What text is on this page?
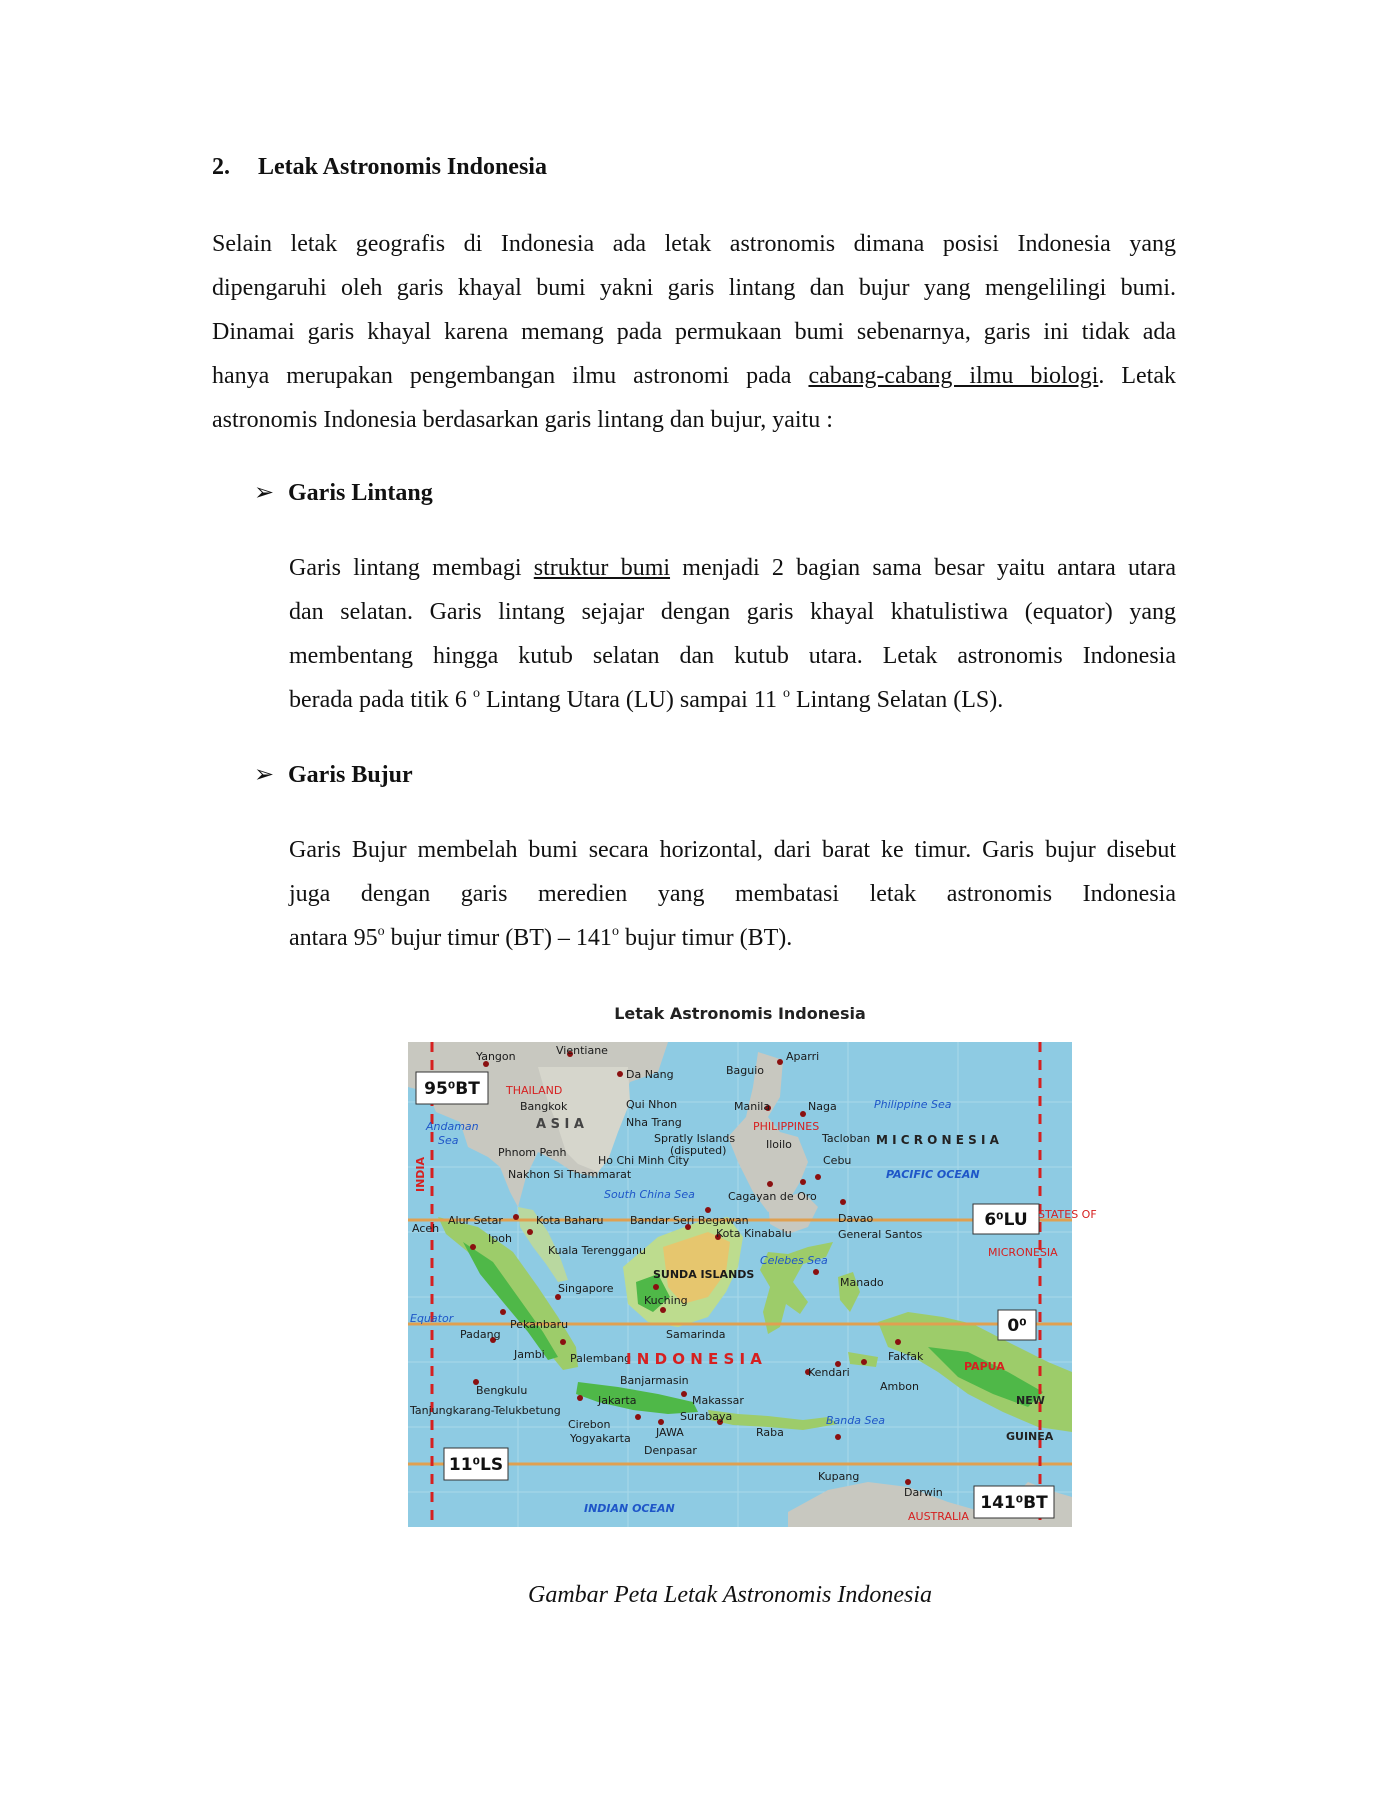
2. Letak Astronomis Indonesia
Selain letak geografis di Indonesia ada letak astronomis dimana posisi Indonesia yang
dipengaruhi oleh garis khayal bumi yakni garis lintang dan bujur yang mengelilingi bumi.
Dinamai garis khayal karena memang pada permukaan bumi sebenarnya, garis ini tidak ada
hanya merupakan pengembangan ilmu astronomi pada cabang-cabang ilmu biologi. Letak
astronomis Indonesia berdasarkan garis lintang dan bujur, yaitu :
➢ Garis Lintang
Garis lintang membagi struktur bumi menjadi 2 bagian sama besar yaitu antara utara
dan selatan. Garis lintang sejajar dengan garis khayal khatulistiwa (equator) yang
membentang hingga kutub selatan dan kutub utara. Letak astronomis Indonesia
berada pada titik 6 $^o$ Lintang Utara (LU) sampai 11 $^o$ Lintang Selatan (LS).
➢ Garis Bujur
Garis Bujur membelah bumi secara horizontal, dari barat ke timur. Garis bujur disebut
juga dengan garis meredien yang membatasi letak astronomis Indonesia
antara 95$^o$ bujur timur (BT) – 141$^o$ bujur timur (BT).
Letak Astronomis Indonesia
95⁰BT
6⁰LU
0⁰
11⁰LS
141⁰BT
Yangon	Vientiane
Da Nang	Baguio
Aparri
THAILAND
Bangkok
A S I A
Qui Nhon
Nha Trang
Manila	Naga	Philippine Sea
Andaman
Sea
INDIA
PHILIPPINES
Spratly Islands
(disputed)
Phnom Penh
Ho Chi Minh City
Iloilo	Tacloban M I C R O N E S I A
Cebu
PACIFIC OCEAN
Nakhon Si Thammarat
South China Sea	Cagayan de Oro
Aceh
Alur Setar	Kota Baharu Bandar Seri Begawan
Kota Kinabalu
Davao
General Santos
STATES OF
MICRONESIA
Ipoh
Kuala Terengganu
Celebes Sea
SUNDA ISLANDS
Singapore
Kuching
Manado
Equator	Pekanbaru
Padang	Samarinda
Jambi Palembang
I N D O N E S I A
Kendari
Fakfak
PAPUA
Banjarmasin
Bengkulu	Ambon
NEW
GUINEA
Jakarta	Makassar
Tanjungkarang-Telukbetung	Surabaya	Banda Sea
Cirebon
JAWA	Raba
Yogyakarta
Denpasar
Kupang
Darwin
INDIAN OCEAN
AUSTRALIA
Gambar Peta Letak Astronomis Indonesia
